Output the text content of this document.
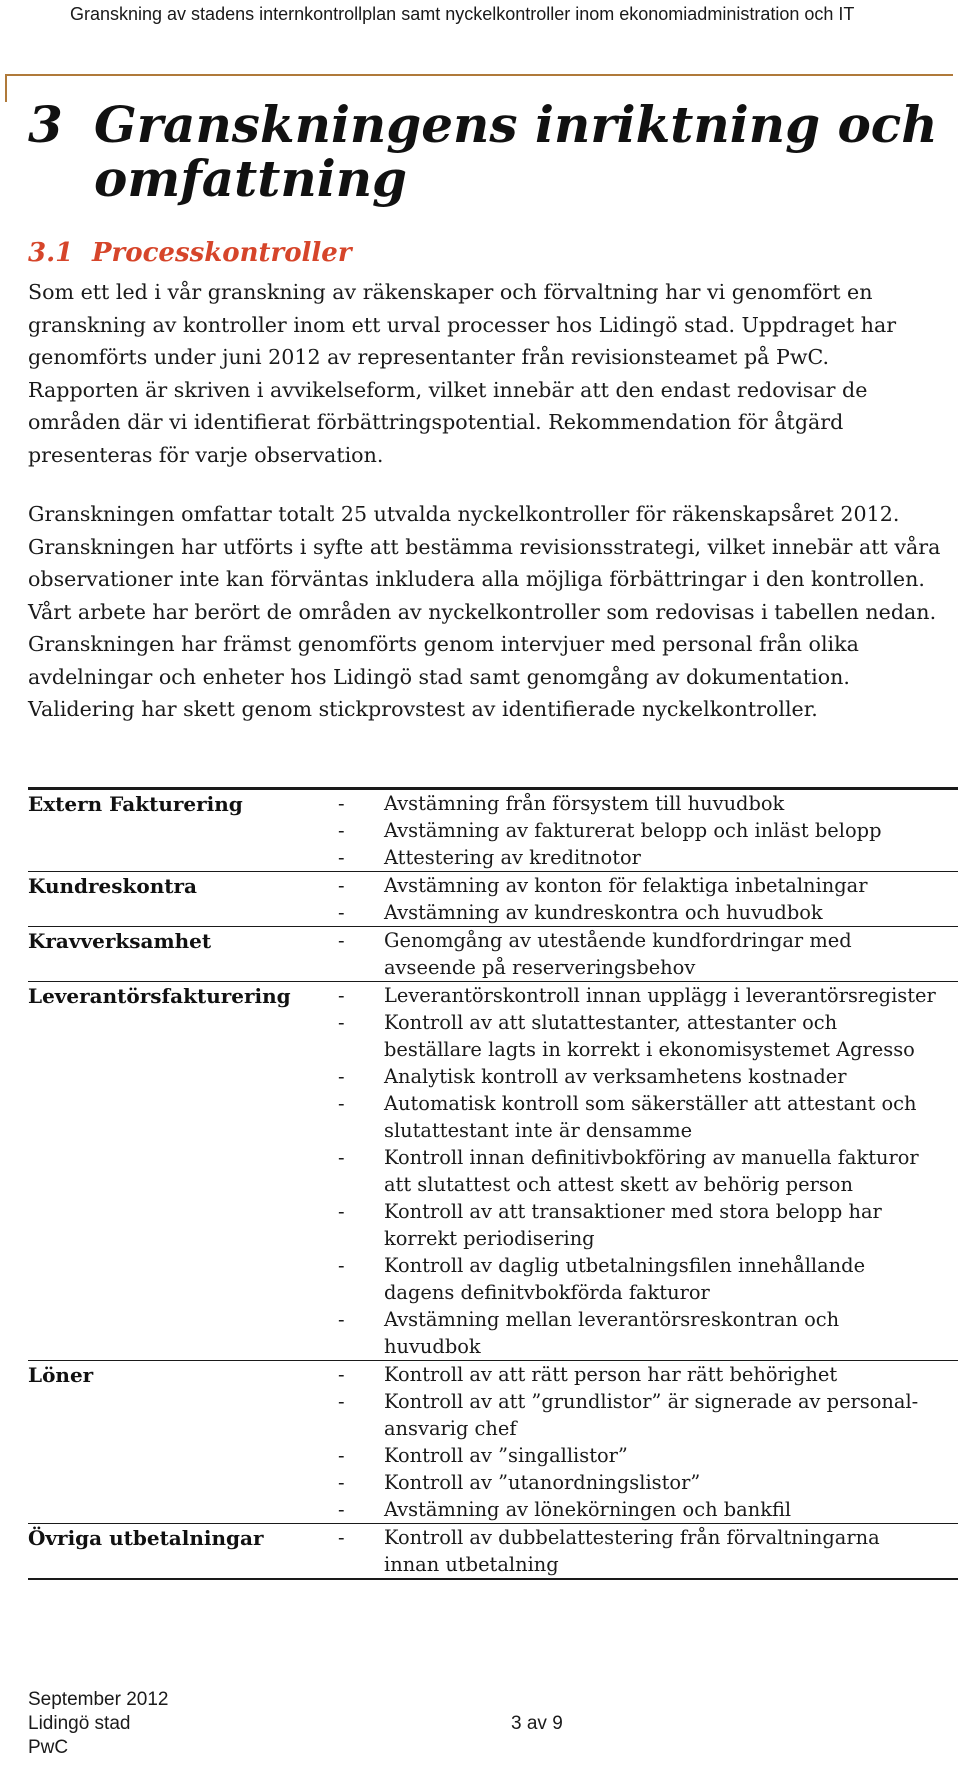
Granskning av stadens internkontrollplan samt nyckelkontroller inom ekonomiadministration och IT
3 Granskningens inriktning och omfattning
3.1 Processkontroller

Som ett led i vår granskning av räkenskaper och förvaltning har vi genomfört en granskning av kontroller inom ett urval processer hos Lidingö stad. Uppdraget har genomförts under juni 2012 av representanter från revisionsteamet på PwC. Rapporten är skriven i avvikelseform, vilket innebär att den endast redovisar de områden där vi identifierat förbättringspotential. Rekommendation för åtgärd presenteras för varje observation.

Granskningen omfattar totalt 25 utvalda nyckelkontroller för räkenskapsåret 2012. Granskningen har utförts i syfte att bestämma revisionsstrategi, vilket innebär att våra observationer inte kan förväntas inkludera alla möjliga förbättringar i den kontrollen. Vårt arbete har berört de områden av nyckelkontroller som redovisas i tabellen nedan. Granskningen har främst genomförts genom intervjuer med personal från olika avdelningar och enheter hos Lidingö stad samt genomgång av dokumentation. Validering har skett genom stickprovstest av identifierade nyckelkontroller.

Extern Fakturering	-	Avstämning från försystem till huvudbok
-	Avstämning av fakturerat belopp och inläst belopp
-	Attestering av kreditnotor
Kundreskontra	-	Avstämning av konton för felaktiga inbetalningar
-	Avstämning av kundreskontra och huvudbok
Kravverksamhet	-	Genomgång av utestående kundfordringar med avseende på reserveringsbehov
Leverantörsfakturering	-	Leverantörskontroll innan upplägg i leverantörsregister
-	Kontroll av att slutattestanter, attestanter och beställare lagts in korrekt i ekonomisystemet Agresso
-	Analytisk kontroll av verksamhetens kostnader
-	Automatisk kontroll som säkerställer att attestant och slutattestant inte är densamme
-	Kontroll innan definitivbokföring av manuella fakturor att slutattest och attest skett av behörig person
-	Kontroll av att transaktioner med stora belopp har korrekt periodisering
-	Kontroll av daglig utbetalningsfilen innehållande dagens definitvbokförda fakturor
-	Avstämning mellan leverantörsreskontran och huvudbok
Löner	-	Kontroll av att rätt person har rätt behörighet
-	Kontroll av att ”grundlistor” är signerade av personal-ansvarig chef
-	Kontroll av ”singallistor”
-	Kontroll av ”utanordningslistor”
-	Avstämning av lönekörningen och bankfil
Övriga utbetalningar	-	Kontroll av dubbelattestering från förvaltningarna innan utbetalning
September 2012
Lidingö stad	3 av 9
PwC
